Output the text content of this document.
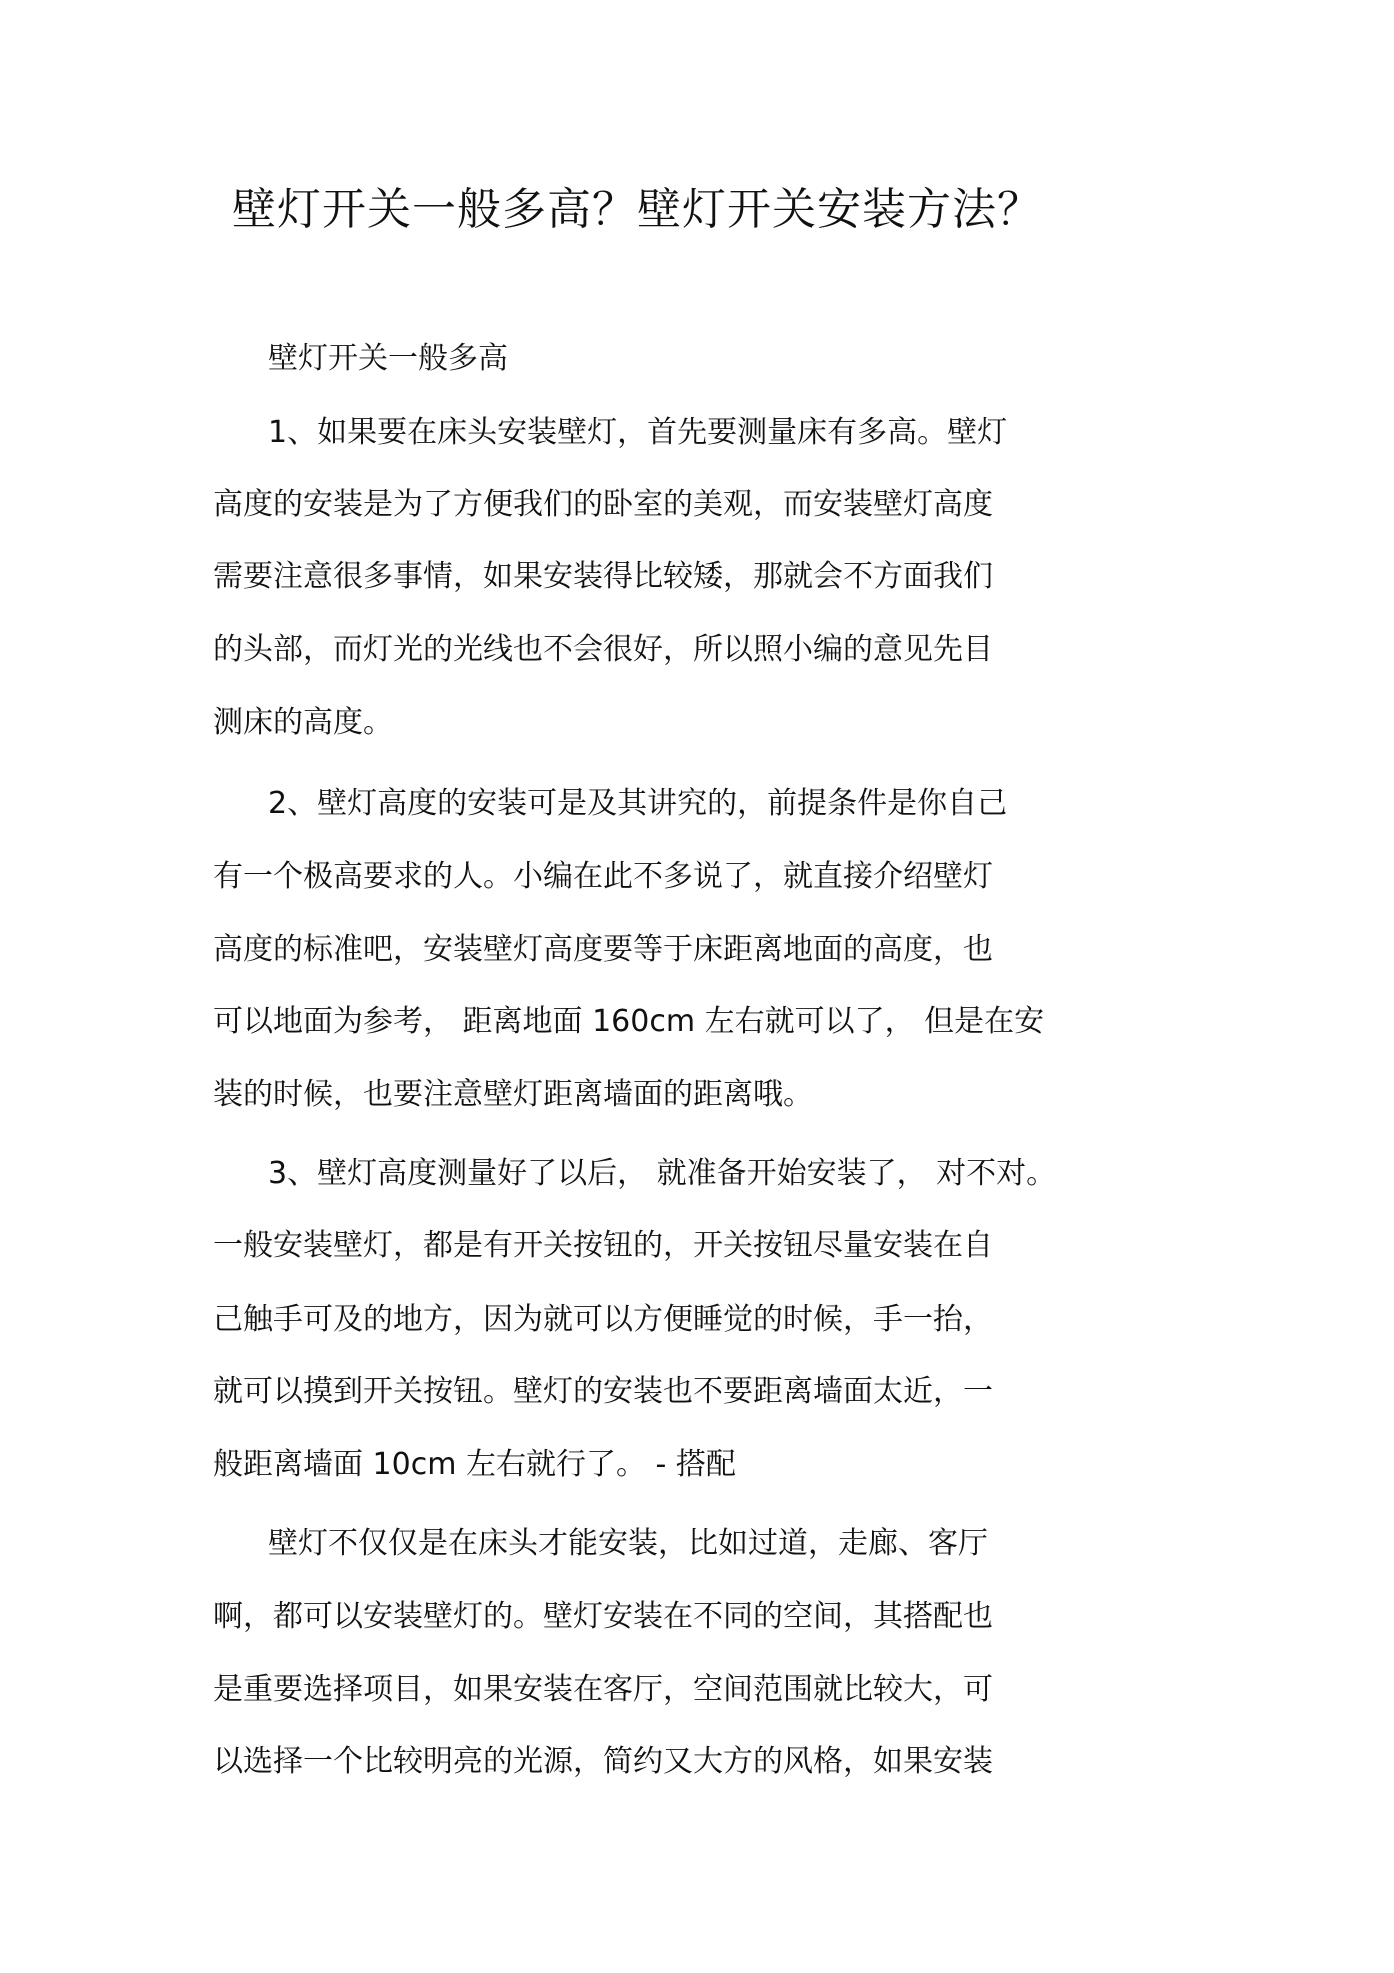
壁灯开关一般多高？壁灯开关安装方法？
壁灯开关一般多高
1、如果要在床头安装壁灯，首先要测量床有多高。壁灯
高度的安装是为了方便我们的卧室的美观，而安装壁灯高度
需要注意很多事情，如果安装得比较矮，那就会不方面我们
的头部，而灯光的光线也不会很好，所以照小编的意见先目
测床的高度。
2、壁灯高度的安装可是及其讲究的，前提条件是你自己
有一个极高要求的人。小编在此不多说了，就直接介绍壁灯
高度的标准吧，安装壁灯高度要等于床距离地面的高度，也
可以地面为参考， 距离地面 160cm 左右就可以了， 但是在安
装的时候，也要注意壁灯距离墙面的距离哦。
3、壁灯高度测量好了以后， 就准备开始安装了， 对不对。
一般安装壁灯，都是有开关按钮的，开关按钮尽量安装在自
己触手可及的地方，因为就可以方便睡觉的时候，手一抬，
就可以摸到开关按钮。壁灯的安装也不要距离墙面太近，一
般距离墙面 10cm 左右就行了。 - 搭配
壁灯不仅仅是在床头才能安装，比如过道，走廊、客厅
啊，都可以安装壁灯的。壁灯安装在不同的空间，其搭配也
是重要选择项目，如果安装在客厅，空间范围就比较大，可
以选择一个比较明亮的光源，简约又大方的风格，如果安装
